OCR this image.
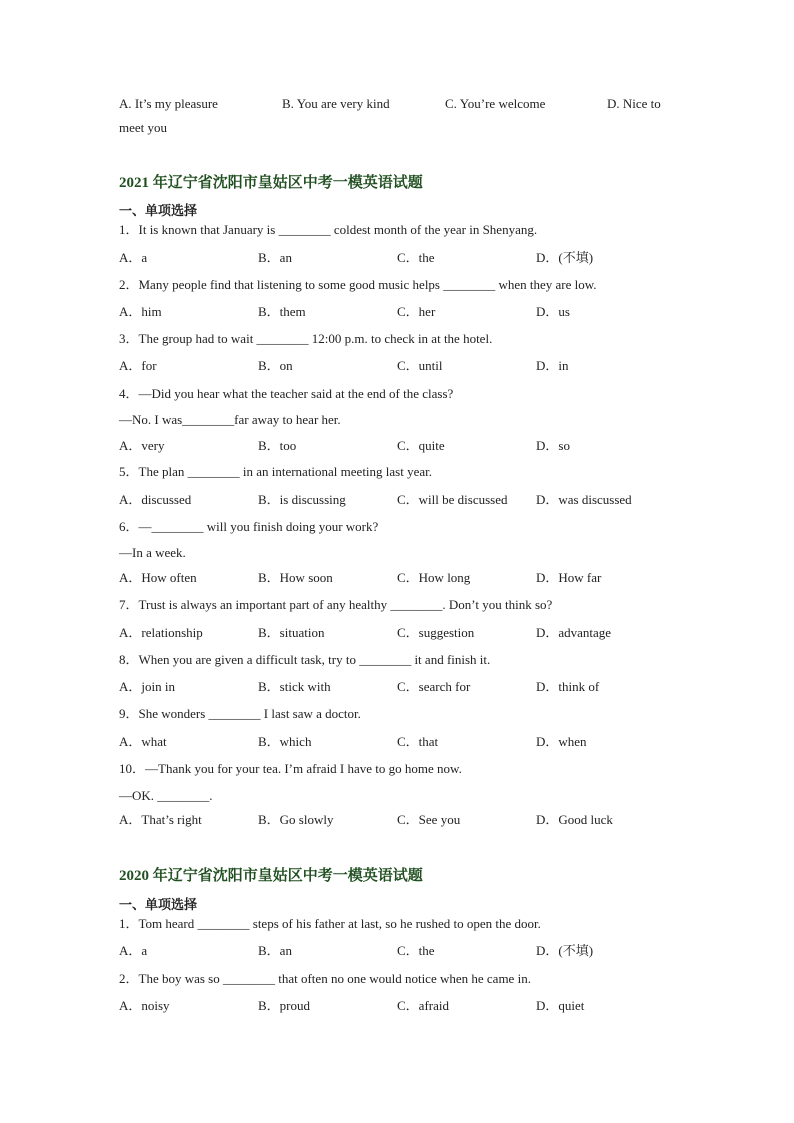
A. It’s my pleasure	B. You are very kind	C. You’re welcome	D. Nice to
meet you
2021 年辽宁省沈阳市皇姑区中考一模英语试题
一、单项选择
1．It is known that January is ________ coldest month of the year in Shenyang.
A．a	B．an	C．the	D．(不填)
2．Many people find that listening to some good music helps ________ when they are low.
A．him	B．them	C．her	D．us
3．The group had to wait ________ 12:00 p.m. to check in at the hotel.
A．for	B．on	C．until	D．in
4．—Did you hear what the teacher said at the end of the class?
—No. I was________far away to hear her.
A．very	B．too	C．quite	D．so
5．The plan ________ in an international meeting last year.
A．discussed	B．is discussing	C．will be discussed D．was discussed
6．—________ will you finish doing your work?
—In a week.
A．How often	B．How soon	C．How long	D．How far
7．Trust is always an important part of any healthy ________. Don’t you think so?
A．relationship	B．situation	C．suggestion	D．advantage
8．When you are given a difficult task, try to ________ it and finish it.
A．join in	B．stick with	C．search for	D．think of
9．She wonders ________ I last saw a doctor.
A．what	B．which	C．that	D．when
10．—Thank you for your tea. I’m afraid I have to go home now.
—OK. ________.
A．That’s right	B．Go slowly	C．See you	D．Good luck
2020 年辽宁省沈阳市皇姑区中考一模英语试题
一、单项选择
1．Tom heard ________ steps of his father at last, so he rushed to open the door.
A．a	B．an	C．the	D．(不填)
2．The boy was so ________ that often no one would notice when he came in.
A．noisy	B．proud	C．afraid	D．quiet
